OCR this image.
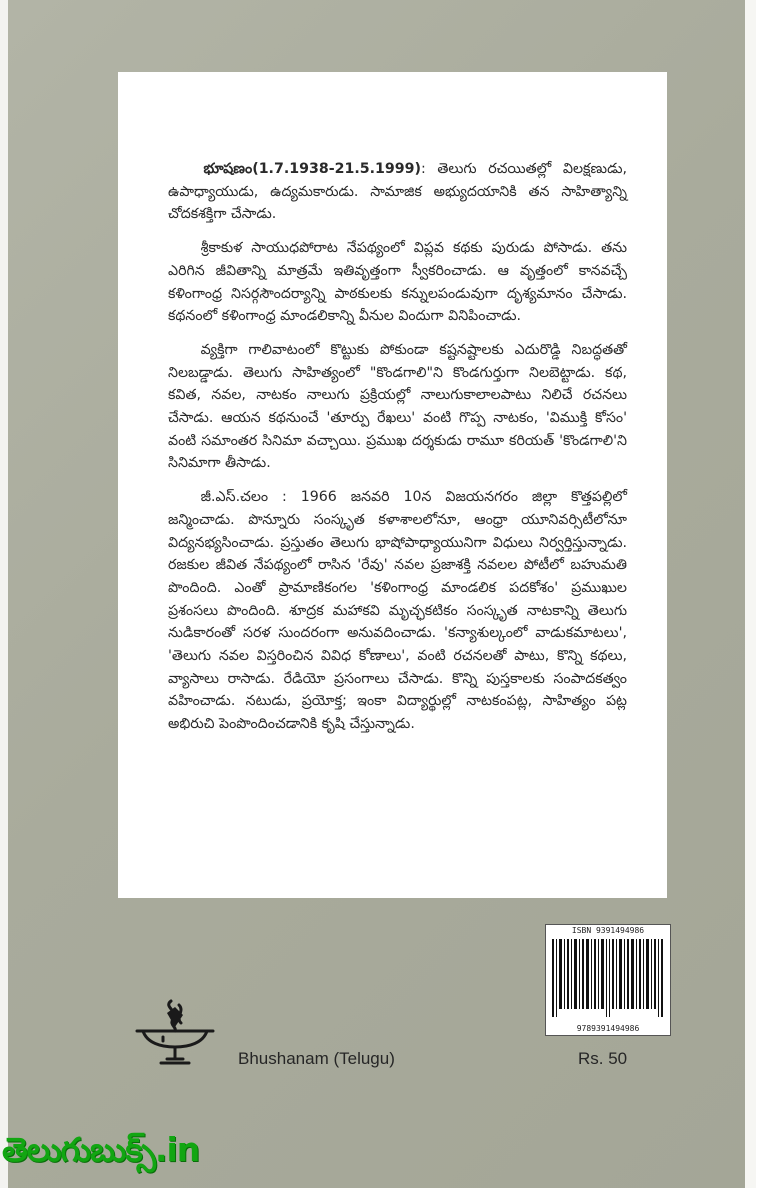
భూషణం(1.7.1938-21.5.1999): తెలుగు రచయితల్లో విలక్షణుడు, ఉపాధ్యాయుడు, ఉద్యమకారుడు. సామాజిక అభ్యుదయానికి తన సాహిత్యాన్ని చోదకశక్తిగా చేసాడు.

శ్రీకాకుళ సాయుధపోరాట నేపథ్యంలో విప్లవ కథకు పురుడు పోసాడు. తను ఎరిగిన జీవితాన్ని మాత్రమే ఇతివృత్తంగా స్వీకరించాడు. ఆ వృత్తంలో కానవచ్చే కళింగాంధ్ర నిసర్గసౌందర్యాన్ని పాఠకులకు కన్నులపండువుగా దృశ్యమానం చేసాడు. కథనంలో కళింగాంధ్ర మాండలికాన్ని వీనుల విందుగా వినిపించాడు.

వ్యక్తిగా గాలివాటంలో కొట్టుకు పోకుండా కష్టనష్టాలకు ఎదురొడ్డి నిబద్ధతతో నిలబడ్డాడు. తెలుగు సాహిత్యంలో "కొండగాలి"ని కొండగుర్తుగా నిలబెట్టాడు. కథ, కవిత, నవల, నాటకం నాలుగు ప్రక్రియల్లో నాలుగుకాలాలపాటు నిలిచే రచనలు చేసాడు. ఆయన కథనుంచే 'తూర్పు రేఖలు' వంటి గొప్ప నాటకం, 'విముక్తి కోసం' వంటి సమాంతర సినిమా వచ్చాయి. ప్రముఖ దర్శకుడు రామూ కరియత్ 'కొండగాలి'ని సినిమాగా తీసాడు.

జీ.ఎస్.చలం : 1966 జనవరి 10న విజయనగరం జిల్లా కొత్తపల్లిలో జన్మించాడు. పొన్నూరు సంస్కృత కళాశాలలోనూ, ఆంధ్రా యూనివర్సిటీలోనూ విద్యనభ్యసించాడు. ప్రస్తుతం తెలుగు భాషోపాధ్యాయునిగా విధులు నిర్వర్తిస్తున్నాడు. రజకుల జీవిత నేపథ్యంలో రాసిన 'రేవు' నవల ప్రజాశక్తి నవలల పోటీలో బహుమతి పొందింది. ఎంతో ప్రామాణికంగల 'కళింగాంధ్ర మాండలిక పదకోశం' ప్రముఖుల ప్రశంసలు పొందింది. శూద్రక మహాకవి మృచ్ఛకటికం సంస్కృత నాటకాన్ని తెలుగు నుడికారంతో సరళ సుందరంగా అనువదించాడు. 'కన్యాశుల్కంలో వాడుకమాటలు', 'తెలుగు నవల విస్తరించిన వివిధ కోణాలు', వంటి రచనలతో పాటు, కొన్ని కథలు, వ్యాసాలు రాసాడు. రేడియో ప్రసంగాలు చేసాడు. కొన్ని పుస్తకాలకు సంపాదకత్వం వహించాడు. నటుడు, ప్రయోక్త; ఇంకా విద్యార్థుల్లో నాటకంపట్ల, సాహిత్యం పట్ల అభిరుచి పెంపొందించడానికి కృషి చేస్తున్నాడు.

ISBN 9391494986
9789391494986
Bhushanam (Telugu)	Rs. 50
తెలుగుబుక్స్.in
